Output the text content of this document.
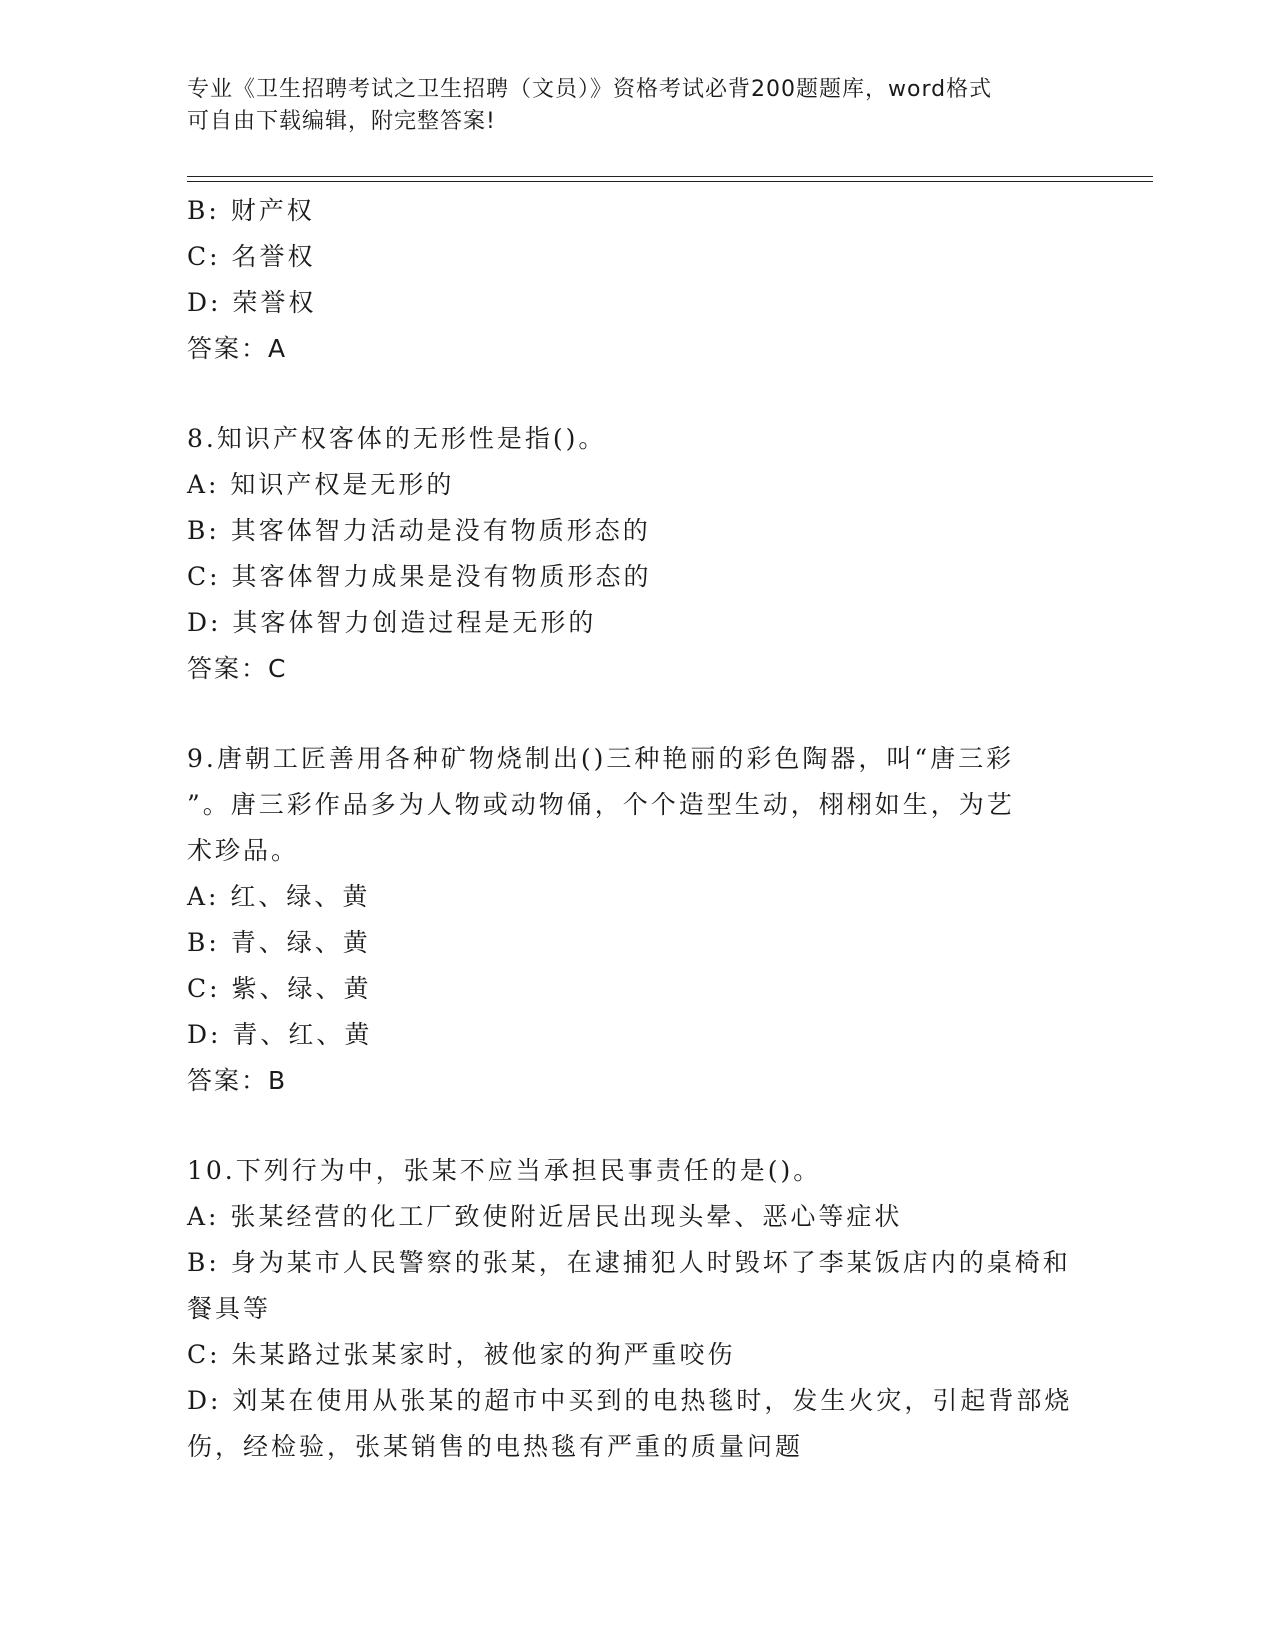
专业《卫生招聘考试之卫生招聘（文员）》资格考试必背200题题库，word格式
可自由下载编辑，附完整答案!
B: 财产权
C: 名誉权
D: 荣誉权
答案：A
8.知识产权客体的无形性是指()。
A: 知识产权是无形的
B: 其客体智力活动是没有物质形态的
C: 其客体智力成果是没有物质形态的
D: 其客体智力创造过程是无形的
答案：C
9.唐朝工匠善用各种矿物烧制出()三种艳丽的彩色陶器，叫“唐三彩
”。唐三彩作品多为人物或动物俑，个个造型生动，栩栩如生，为艺
术珍品。
A: 红、绿、黄
B: 青、绿、黄
C: 紫、绿、黄
D: 青、红、黄
答案：B
10.下列行为中，张某不应当承担民事责任的是()。
A: 张某经营的化工厂致使附近居民出现头晕、恶心等症状
B: 身为某市人民警察的张某，在逮捕犯人时毁坏了李某饭店内的桌椅和餐具等
C: 朱某路过张某家时，被他家的狗严重咬伤
D: 刘某在使用从张某的超市中买到的电热毯时，发生火灾，引起背部烧伤，经检验，张某销售的电热毯有严重的质量问题
